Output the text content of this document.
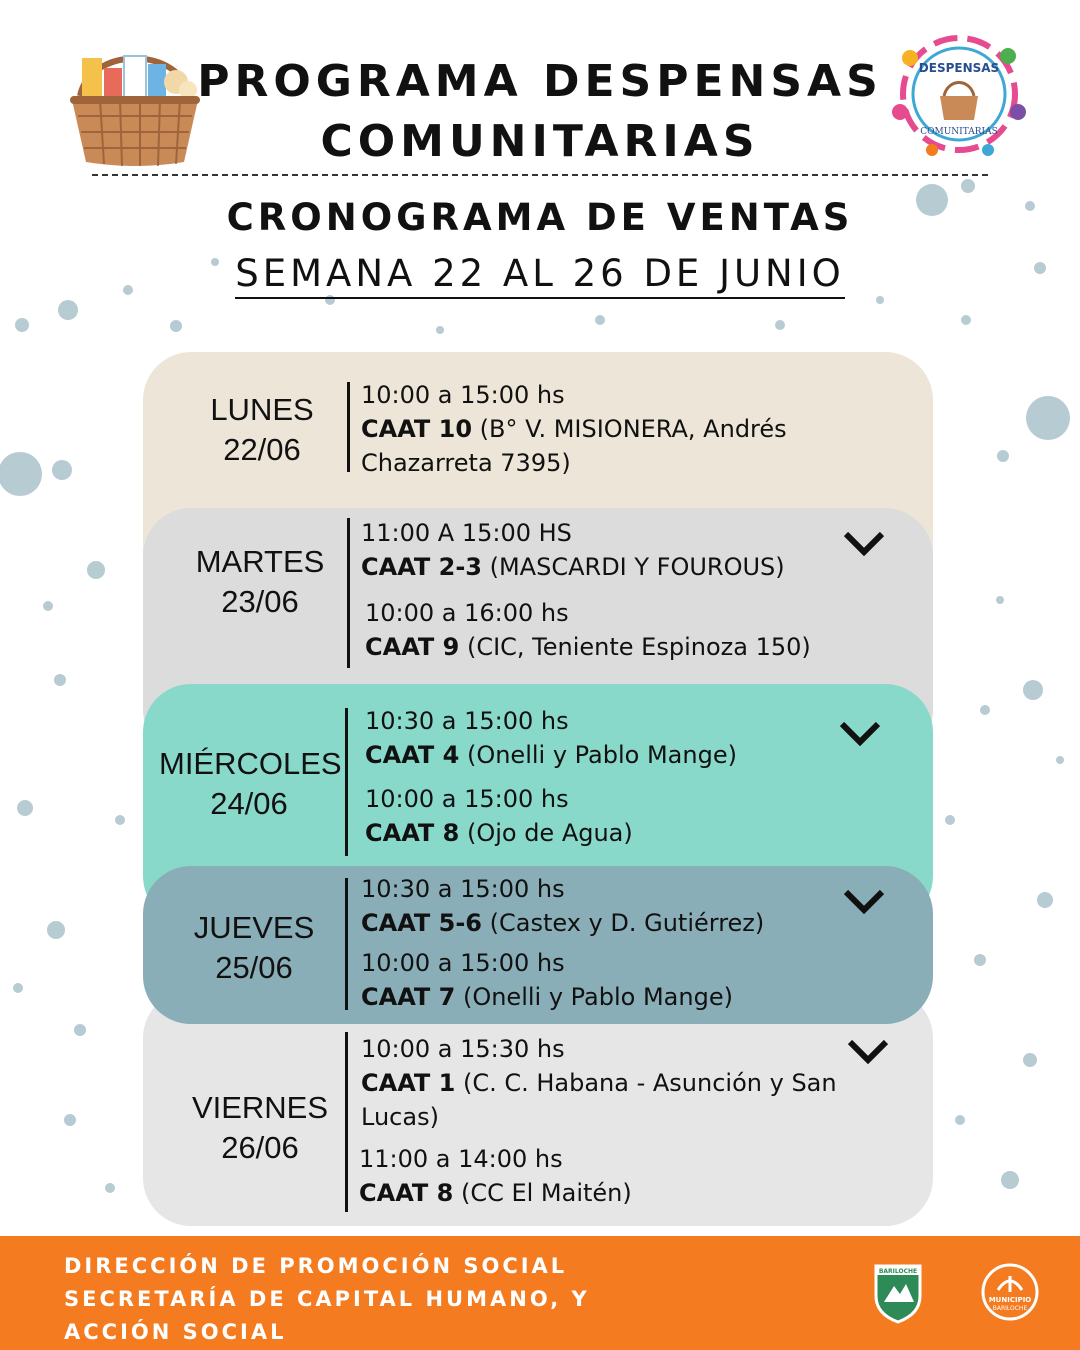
DESPENSAS
COMUNITARIAS
PROGRAMA DESPENSAS
COMUNITARIAS
CRONOGRAMA DE VENTAS
SEMANA 22 AL 26 DE JUNIO
LUNES
22/06
10:00 a 15:00 hs
CAAT 10 (B° V. MISIONERA, Andrés Chazarreta 7395)
MARTES
23/06
11:00 A 15:00 HS
CAAT 2-3 (MASCARDI Y FOUROUS)
10:00 a 16:00 hs
CAAT 9 (CIC, Teniente Espinoza 150)
MIÉRCOLES
24/06
10:30 a 15:00 hs
CAAT 4 (Onelli y Pablo Mange)
10:00 a 15:00 hs
CAAT 8 (Ojo de Agua)
JUEVES
25/06
10:30 a 15:00 hs
CAAT 5-6 (Castex y D. Gutiérrez)
10:00 a 15:00 hs
CAAT 7 (Onelli y Pablo Mange)
VIERNES
26/06
10:00 a 15:30 hs
CAAT 1 (C. C. Habana - Asunción y San Lucas)
11:00 a 14:00 hs
CAAT 8 (CC El Maitén)
DIRECCIÓN DE PROMOCIÓN SOCIAL
SECRETARÍA DE CAPITAL HUMANO, Y
ACCIÓN SOCIAL
BARILOCHE
MUNICIPIO
BARILOCHE
